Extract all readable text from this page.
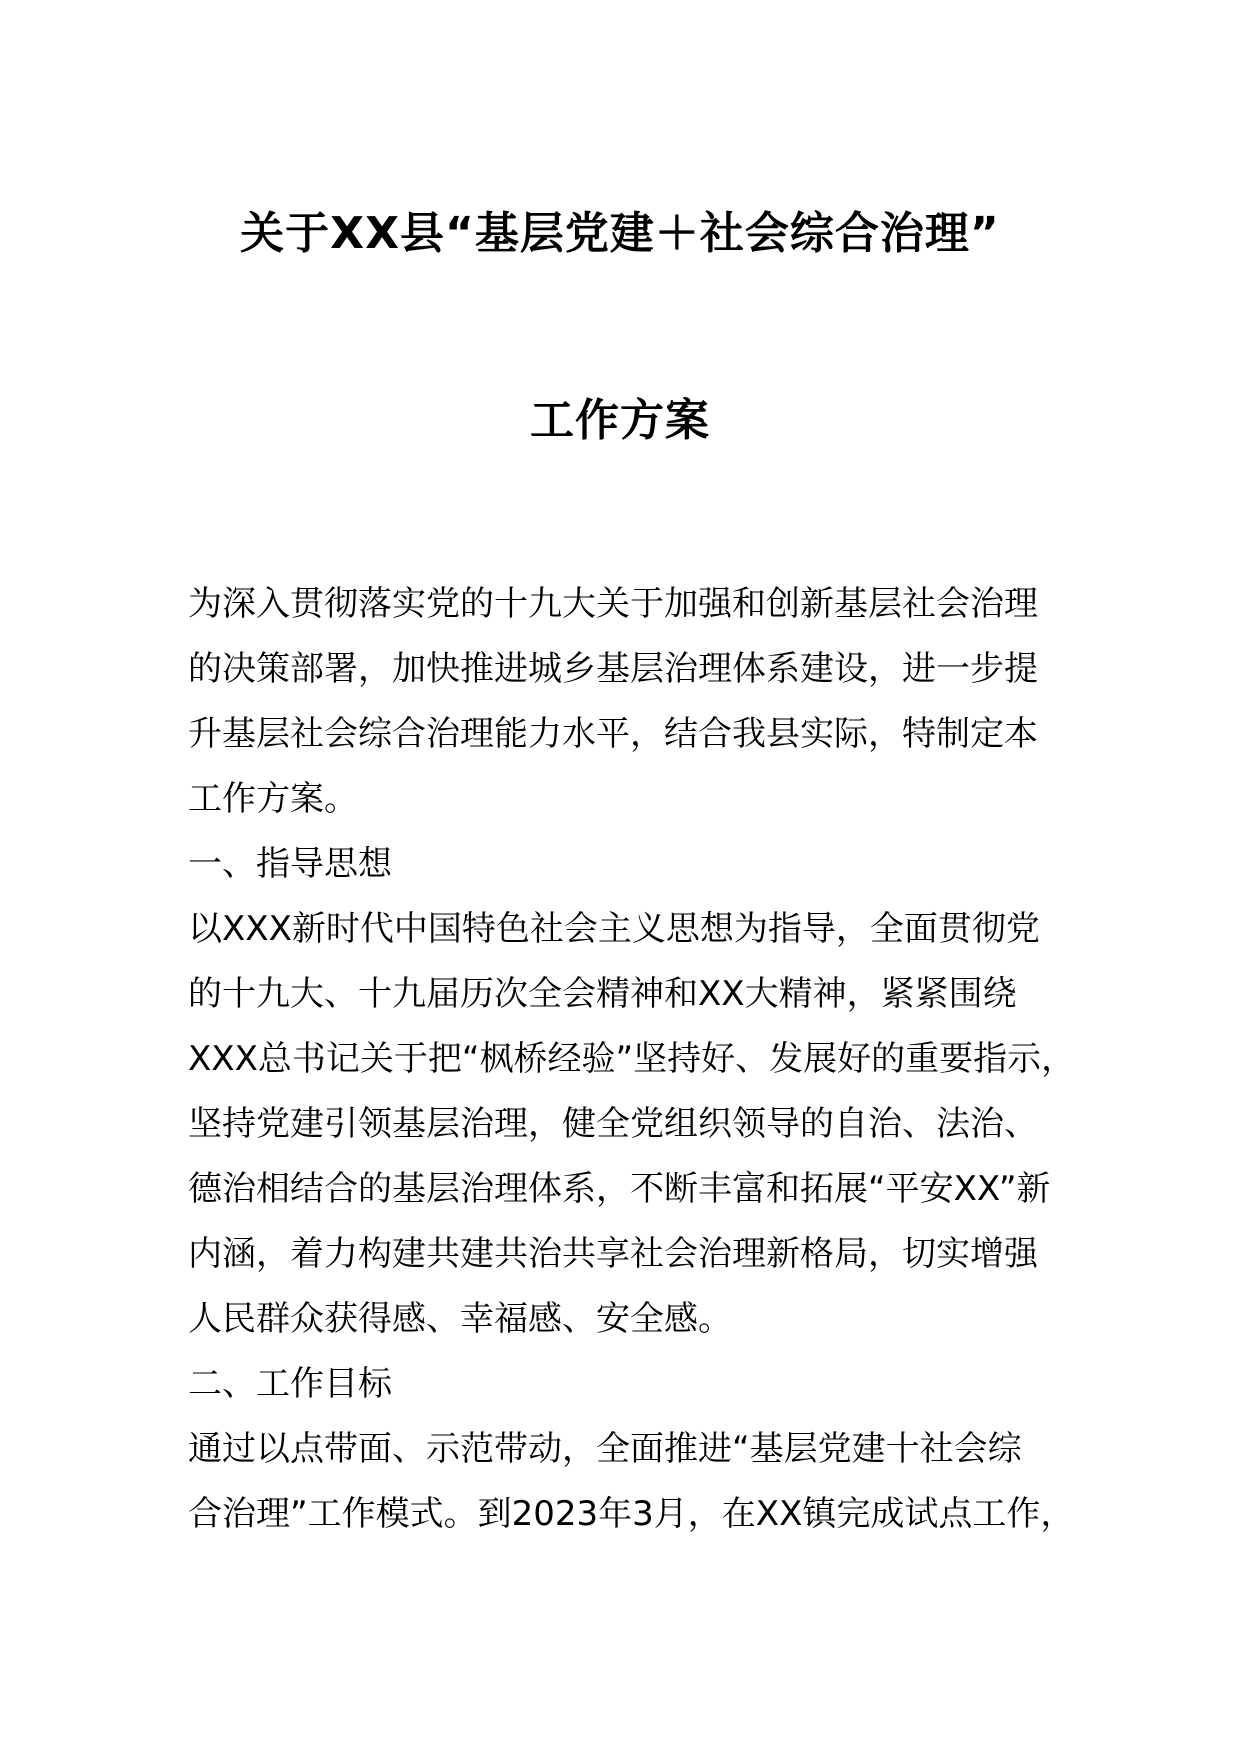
关于XX县“基层党建＋社会综合治理”
工作方案
为深入贯彻落实党的十九大关于加强和创新基层社会治理
的决策部署，加快推进城乡基层治理体系建设，进一步提
升基层社会综合治理能力水平，结合我县实际，特制定本
工作方案。
一、指导思想
以XXX新时代中国特色社会主义思想为指导，全面贯彻党
的十九大、十九届历次全会精神和XX大精神，紧紧围绕
XXX总书记关于把“枫桥经验”坚持好、发展好的重要指示，
坚持党建引领基层治理，健全党组织领导的自治、法治、
德治相结合的基层治理体系，不断丰富和拓展“平安XX”新
内涵，着力构建共建共治共享社会治理新格局，切实增强
人民群众获得感、幸福感、安全感。
二、工作目标
通过以点带面、示范带动，全面推进“基层党建十社会综
合治理”工作模式。到2023年3月，在XX镇完成试点工作，
